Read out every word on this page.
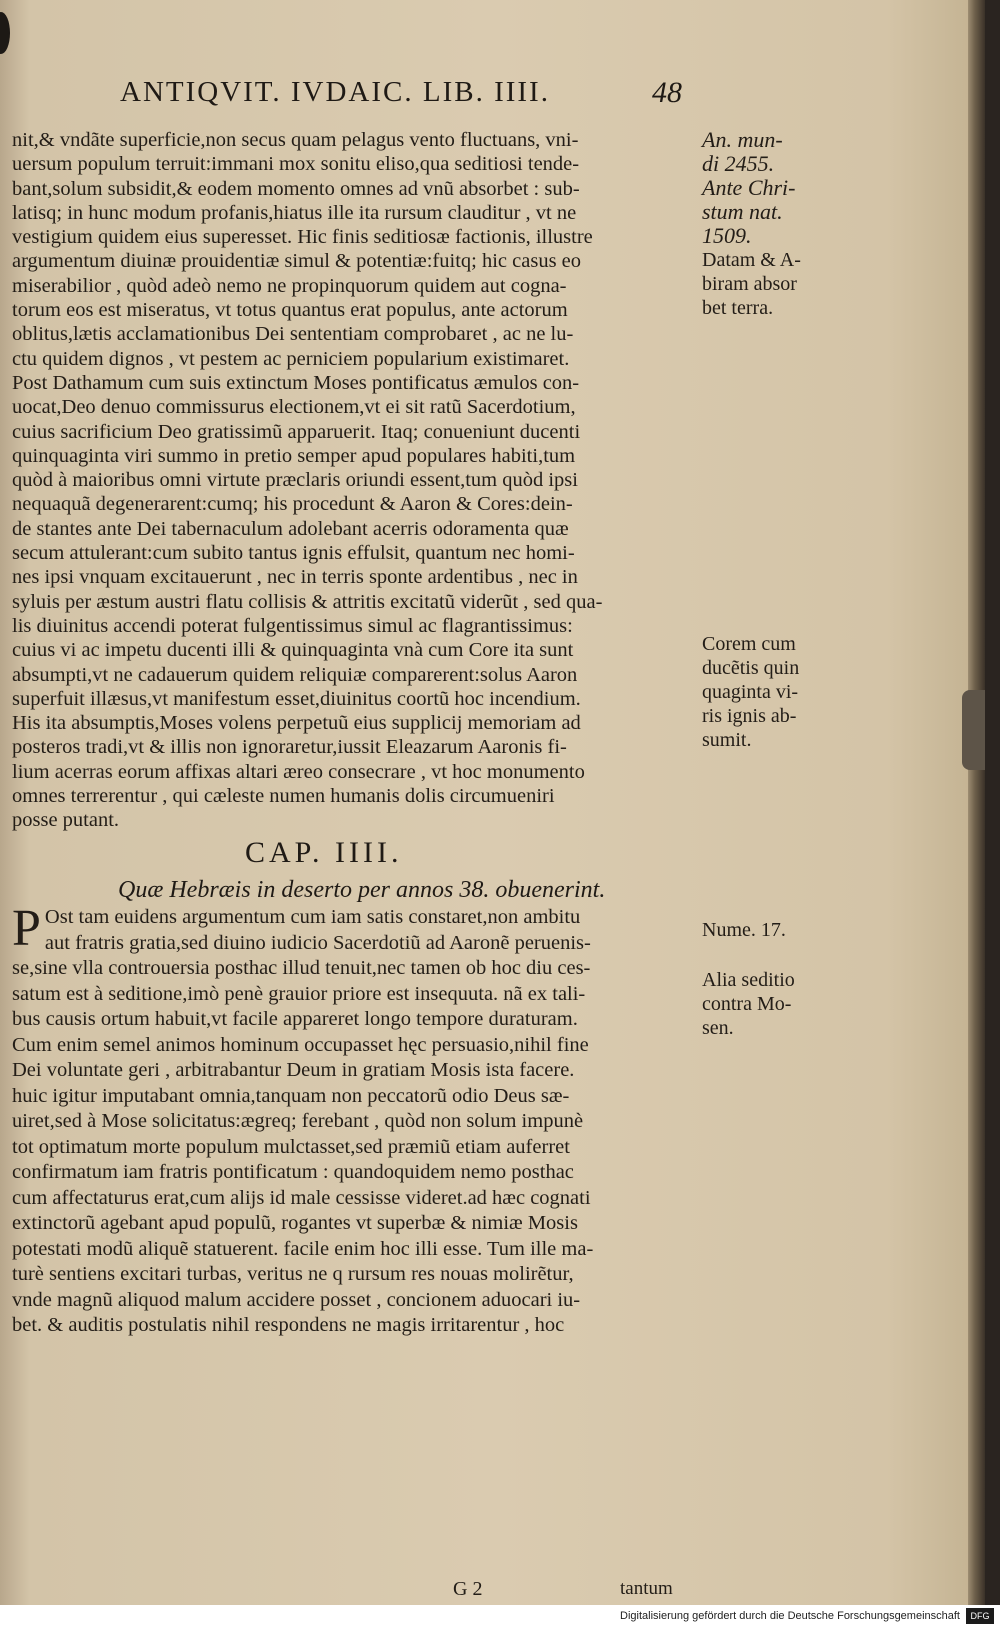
ANTIQVIT. IVDAIC. LIB. IIII.	48
nit,& vndãte superficie,non secus quam pelagus vento fluctuans, vni-
uersum populum terruit:immani mox sonitu eliso,qua seditiosi tende-
bant,solum subsidit,& eodem momento omnes ad vnũ absorbet : sub-
latisq; in hunc modum profanis,hiatus ille ita rursum clauditur , vt ne
vestigium quidem eius superesset. Hic finis seditiosæ factionis, illustre
argumentum diuinæ prouidentiæ simul & potentiæ:fuitq; hic casus eo
miserabilior , quòd adeò nemo ne propinquorum quidem aut cogna-
torum eos est miseratus, vt totus quantus erat populus, ante actorum
oblitus,lætis acclamationibus Dei sententiam comprobaret , ac ne lu-
ctu quidem dignos , vt pestem ac perniciem popularium existimaret.
Post Dathamum cum suis extinctum Moses pontificatus æmulos con-
uocat,Deo denuo commissurus electionem,vt ei sit ratũ Sacerdotium,
cuius sacrificium Deo gratissimũ apparuerit. Itaq; conueniunt ducenti
quinquaginta viri summo in pretio semper apud populares habiti,tum
quòd à maioribus omni virtute præclaris oriundi essent,tum quòd ipsi
nequaquã degenerarent:cumq; his procedunt & Aaron & Cores:dein-
de stantes ante Dei tabernaculum adolebant acerris odoramenta quæ
secum attulerant:cum subito tantus ignis effulsit, quantum nec homi-
nes ipsi vnquam excitauerunt , nec in terris sponte ardentibus , nec in
syluis per æstum austri flatu collisis & attritis excitatũ viderũt , sed qua-
lis diuinitus accendi poterat fulgentissimus simul ac flagrantissimus:
cuius vi ac impetu ducenti illi & quinquaginta vnà cum Core ita sunt
absumpti,vt ne cadauerum quidem reliquiæ comparerent:solus Aaron
superfuit illæsus,vt manifestum esset,diuinitus coortũ hoc incendium.
His ita absumptis,Moses volens perpetuũ eius supplicij memoriam ad
posteros tradi,vt & illis non ignoraretur,iussit Eleazarum Aaronis fi-
lium acerras eorum affixas altari æreo consecrare , vt hoc monumento
omnes terrerentur , qui cæleste numen humanis dolis circumueniri
posse putant.

An. mun-

di 2455.

Ante Chri-

stum nat.

1509.

Datam & A-

biram absor

bet terra.

Corem cum

ducẽtis quin

quaginta vi-

ris ignis ab-

sumit.

CAP. IIII.
Quæ Hebræis in deserto per annos 38. obuenerint.
P Ost tam euidens argumentum cum iam satis constaret,non ambitu
aut fratris gratia,sed diuino iudicio Sacerdotiũ ad Aaronẽ peruenis-
se,sine vlla controuersia posthac illud tenuit,nec tamen ob hoc diu ces-
satum est à seditione,imò penè grauior priore est insequuta. nã ex tali-
bus causis ortum habuit,vt facile appareret longo tempore duraturam.
Cum enim semel animos hominum occupasset hęc persuasio,nihil fine
Dei voluntate geri , arbitrabantur Deum in gratiam Mosis ista facere.
huic igitur imputabant omnia,tanquam non peccatorũ odio Deus sæ-
uiret,sed à Mose solicitatus:ægreq; ferebant , quòd non solum impunè
tot optimatum morte populum mulctasset,sed præmiũ etiam auferret
confirmatum iam fratris pontificatum : quandoquidem nemo posthac
cum affectaturus erat,cum alijs id male cessisse videret.ad hæc cognati
extinctorũ agebant apud populũ, rogantes vt superbæ & nimiæ Mosis
potestati modũ aliquẽ statuerent. facile enim hoc illi esse. Tum ille ma-
turè sentiens excitari turbas, veritus ne q rursum res nouas molirẽtur,
vnde magnũ aliquod malum accidere posset , concionem aduocari iu-
bet. & auditis postulatis nihil respondens ne magis irritarentur , hoc

Nume. 17.

Alia seditio

contra Mo-

sen.

G 2	tantum
Digitalisierung gefördert durch die Deutsche Forschungsgemeinschaft	DFG
